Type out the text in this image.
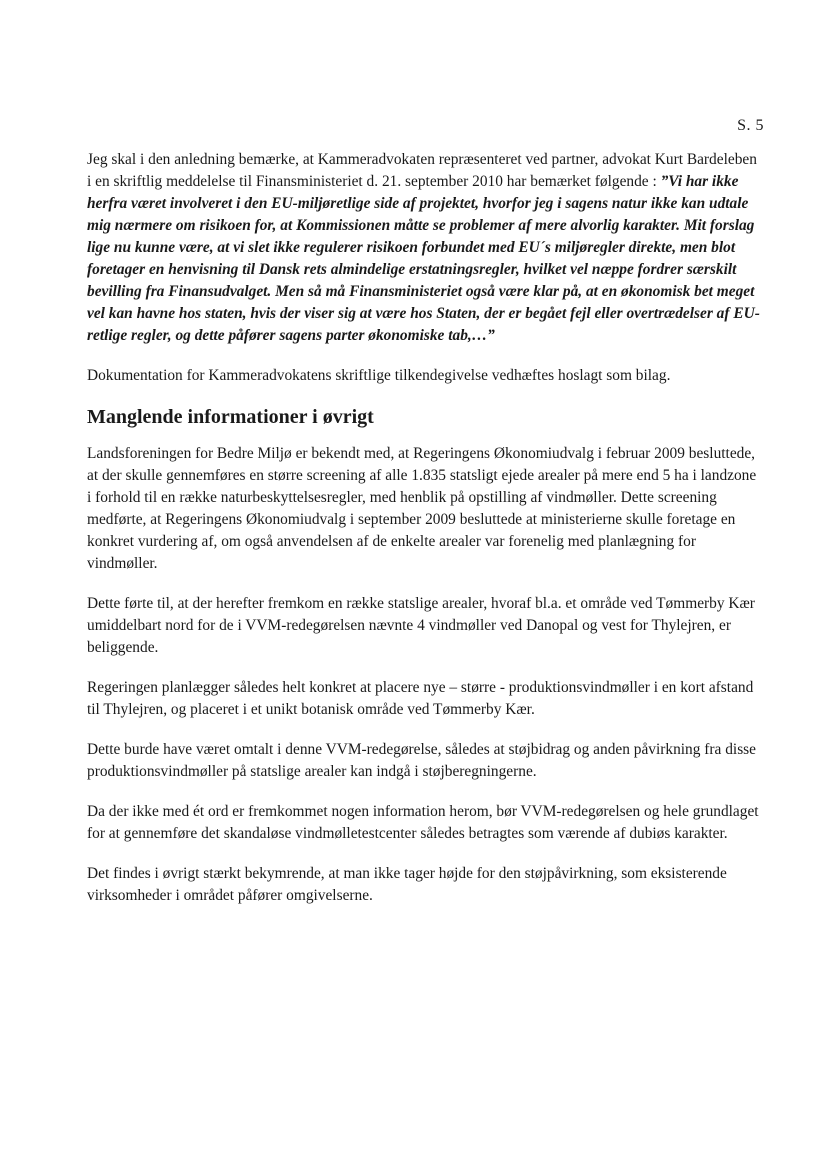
S. 5

Jeg skal i den anledning bemærke, at Kammeradvokaten repræsenteret ved partner, advokat Kurt Bardeleben i en skriftlig meddelelse til Finansministeriet d. 21. september 2010 har bemærket følgende : ”Vi har ikke herfra været involveret i den EU-miljøretlige side af projektet, hvorfor jeg i sagens natur ikke kan udtale mig nærmere om risikoen for, at Kommissionen måtte se problemer af mere alvorlig karakter. Mit forslag lige nu kunne være, at vi slet ikke regulerer risikoen forbundet med EU´s miljøregler direkte, men blot foretager en henvisning til Dansk rets almindelige erstatningsregler, hvilket vel næppe fordrer særskilt bevilling fra Finansudvalget. Men så må Finansministeriet også være klar på, at en økonomisk bet meget vel kan havne hos staten, hvis der viser sig at være hos Staten, der er begået fejl eller overtrædelser af EU-retlige regler, og dette påfører sagens parter økonomiske tab,…”

Dokumentation for Kammeradvokatens skriftlige tilkendegivelse vedhæftes hoslagt som bilag.

Manglende informationer i øvrigt

Landsforeningen for Bedre Miljø er bekendt med, at Regeringens Økonomiudvalg i februar 2009 besluttede, at der skulle gennemføres en større screening af alle 1.835 statsligt ejede arealer på mere end 5 ha i landzone i forhold til en række naturbeskyttelsesregler, med henblik på opstilling af vindmøller. Dette screening medførte, at Regeringens Økonomiudvalg i september 2009 besluttede at ministerierne skulle foretage en konkret vurdering af, om også anvendelsen af de enkelte arealer var forenelig med planlægning for vindmøller.

Dette førte til, at der herefter fremkom en række statslige arealer, hvoraf bl.a. et område ved Tømmerby Kær umiddelbart nord for de i VVM-redegørelsen nævnte 4 vindmøller ved Danopal og vest for Thylejren, er beliggende.

Regeringen planlægger således helt konkret at placere nye – større - produktionsvindmøller i en kort afstand til Thylejren, og placeret i et unikt botanisk område ved Tømmerby Kær.

Dette burde have været omtalt i denne VVM-redegørelse, således at støjbidrag og anden påvirkning fra disse produktionsvindmøller på statslige arealer kan indgå i støjberegningerne.

Da der ikke med ét ord er fremkommet nogen information herom, bør VVM-redegørelsen og hele grundlaget for at gennemføre det skandaløse vindmølletestcenter således betragtes som værende af dubiøs karakter.

Det findes i øvrigt stærkt bekymrende, at man ikke tager højde for den støjpåvirkning, som eksisterende virksomheder i området påfører omgivelserne.
